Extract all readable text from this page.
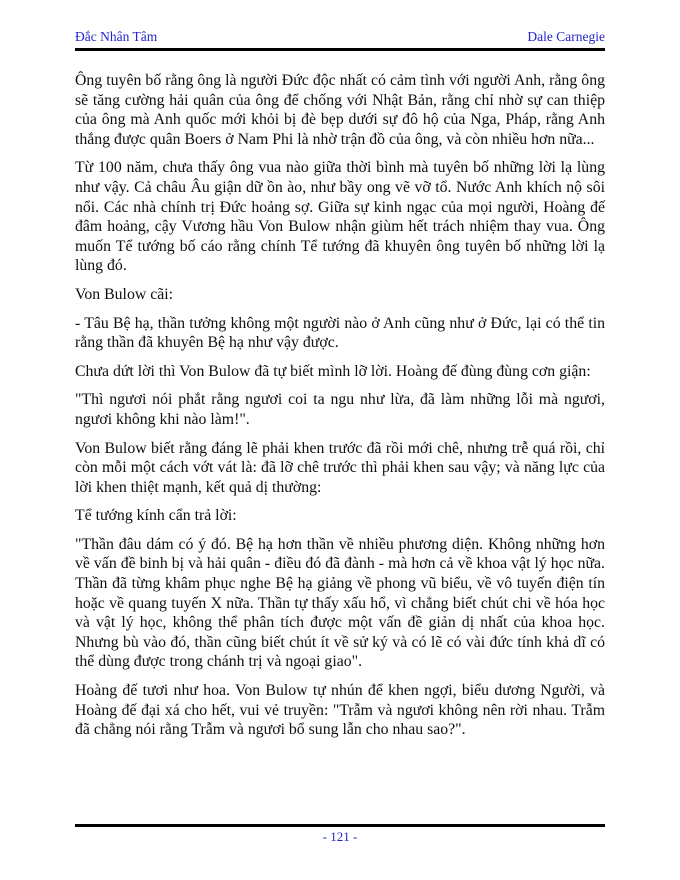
Đắc Nhân Tâm	Dale Carnegie

Ông tuyên bố rằng ông là người Đức độc nhất có cảm tình với người Anh, rằng ông sẽ tăng cường hải quân của ông để chống với Nhật Bản, rằng chỉ nhờ sự can thiệp của ông mà Anh quốc mới khỏi bị đè bẹp dưới sự đô hộ của Nga, Pháp, rằng Anh thắng được quân Boers ở Nam Phi là nhờ trận đồ của ông, và còn nhiều hơn nữa...

Từ 100 năm, chưa thấy ông vua nào giữa thời bình mà tuyên bố những lời lạ lùng như vậy. Cả châu Âu giận dữ ồn ào, như bầy ong vẽ vỡ tổ. Nước Anh khích nộ sôi nổi. Các nhà chính trị Đức hoảng sợ. Giữa sự kinh ngạc của mọi người, Hoàng đế đâm hoảng, cậy Vương hầu Von Bulow nhận giùm hết trách nhiệm thay vua. Ông muốn Tể tướng bố cáo rằng chính Tể tướng đã khuyên ông tuyên bố những lời lạ lùng đó.

Von Bulow cãi:

- Tâu Bệ hạ, thần tưởng không một người nào ở Anh cũng như ở Đức, lại có thể tin rằng thần đã khuyên Bệ hạ như vậy được.

Chưa dứt lời thì Von Bulow đã tự biết mình lỡ lời. Hoàng đế đùng đùng cơn giận:

"Thì ngươi nói phắt rằng ngươi coi ta ngu như lừa, đã làm những lỗi mà ngươi, ngươi không khi nào làm!".

Von Bulow biết rằng đáng lẽ phải khen trước đã rồi mới chê, nhưng trễ quá rồi, chỉ còn mỗi một cách vớt vát là: đã lỡ chê trước thì phải khen sau vậy; và năng lực của lời khen thiệt mạnh, kết quả dị thường:

Tể tướng kính cẩn trả lời:

"Thần đâu dám có ý đó. Bệ hạ hơn thần về nhiều phương diện. Không những hơn về vấn đề binh bị và hải quân - điều đó đã đành - mà hơn cả về khoa vật lý học nữa. Thần đã từng khâm phục nghe Bệ hạ giảng về phong vũ biểu, về vô tuyến điện tín hoặc về quang tuyến X nữa. Thần tự thấy xấu hổ, vì chẳng biết chút chi về hóa học và vật lý học, không thể phân tích được một vấn đề giản dị nhất của khoa học. Nhưng bù vào đó, thần cũng biết chút ít về sử ký và có lẽ có vài đức tính khả dĩ có thể dùng được trong chánh trị và ngoại giao".

Hoàng đế tươi như hoa. Von Bulow tự nhún để khen ngợi, biểu dương Người, và Hoàng đế đại xá cho hết, vui vẻ truyền: "Trẫm và ngươi không nên rời nhau. Trẫm đã chẳng nói rằng Trẫm và ngươi bổ sung lẫn cho nhau sao?".

- 121 -
